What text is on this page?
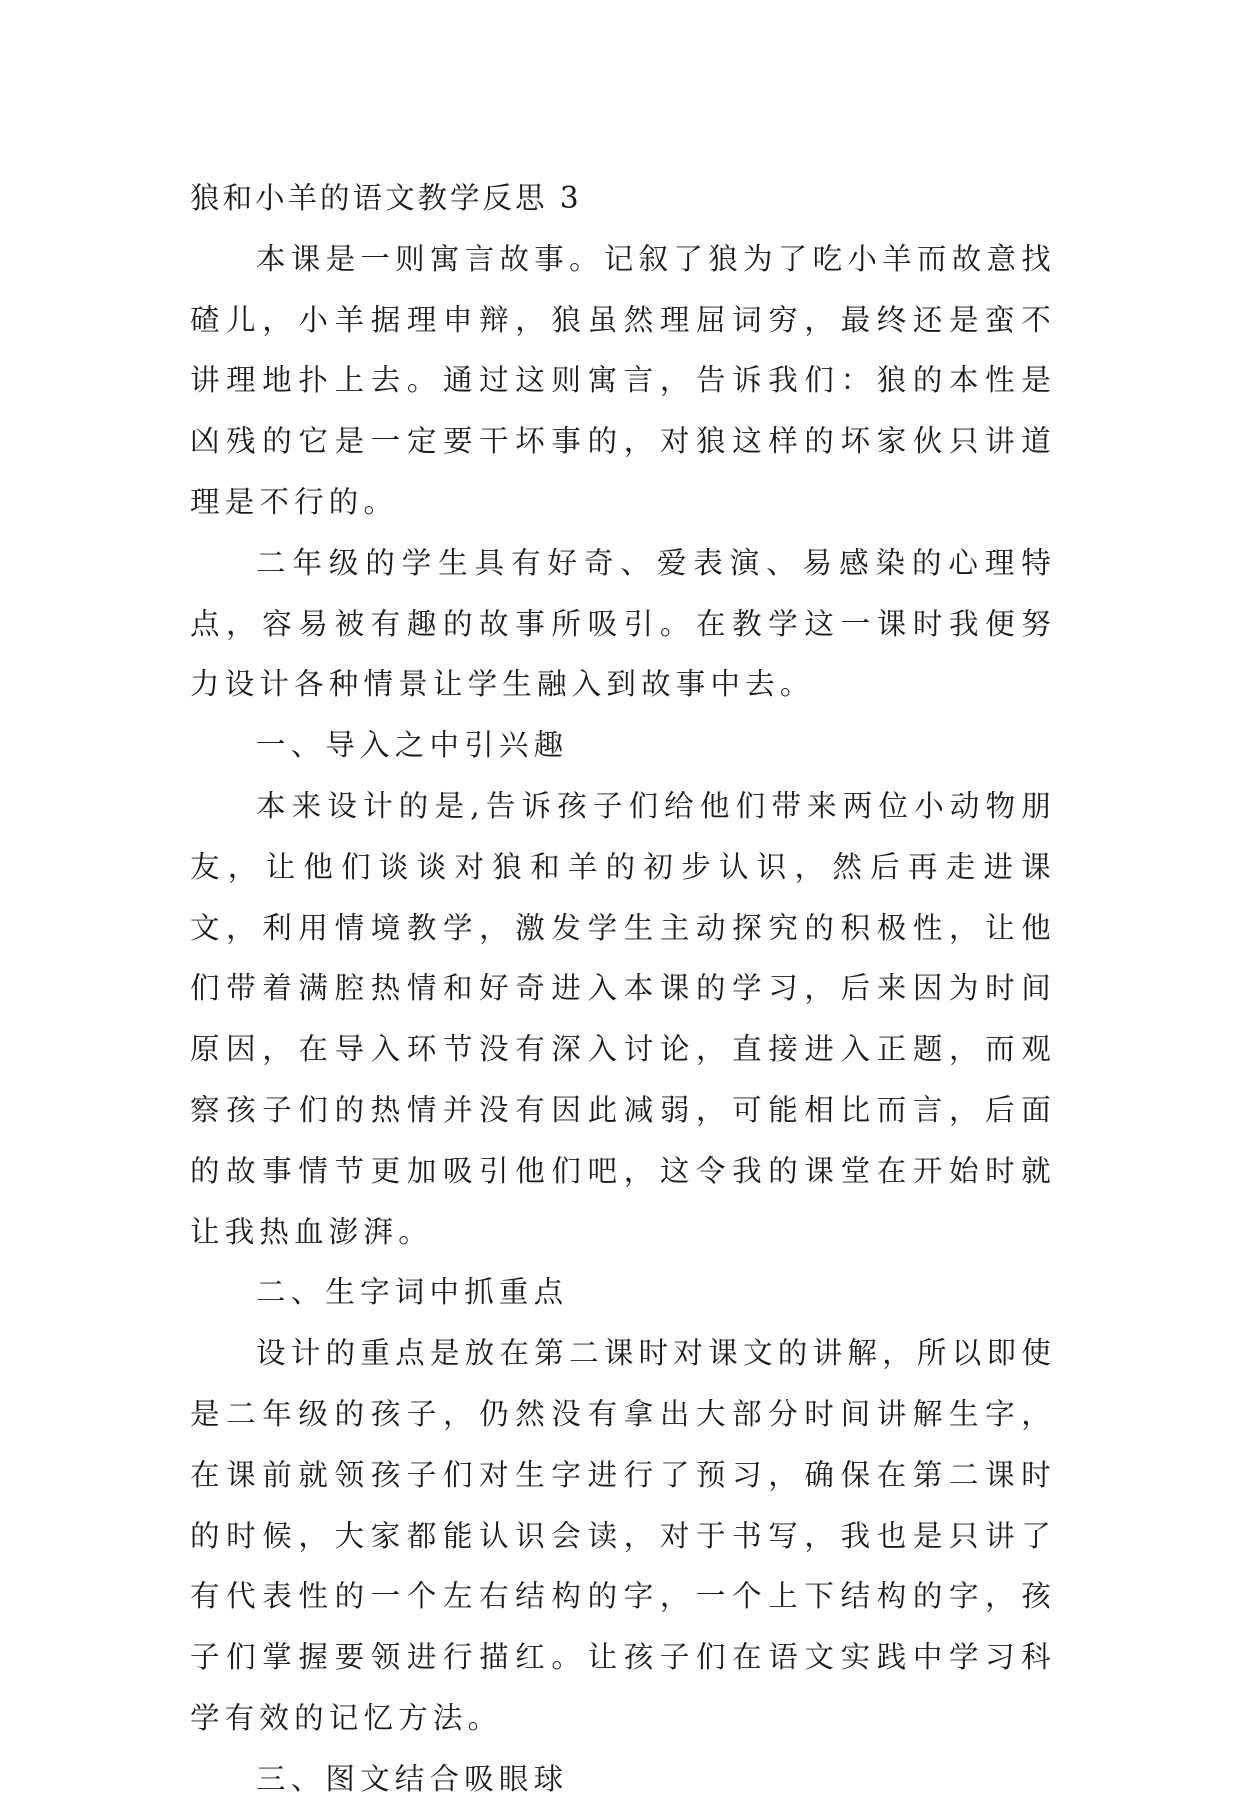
狼和小羊的语文教学反思 3

本课是一则寓言故事。记叙了狼为了吃小羊而故意找碴儿，小羊据理申辩，狼虽然理屈词穷，最终还是蛮不讲理地扑上去。通过这则寓言，告诉我们：狼的本性是凶残的它是一定要干坏事的，对狼这样的坏家伙只讲道理是不行的。

二年级的学生具有好奇、爱表演、易感染的心理特点，容易被有趣的故事所吸引。在教学这一课时我便努力设计各种情景让学生融入到故事中去。

一、导入之中引兴趣

本来设计的是,告诉孩子们给他们带来两位小动物朋友，让他们谈谈对狼和羊的初步认识，然后再走进课文，利用情境教学，激发学生主动探究的积极性，让他们带着满腔热情和好奇进入本课的学习，后来因为时间原因，在导入环节没有深入讨论，直接进入正题，而观察孩子们的热情并没有因此减弱，可能相比而言，后面的故事情节更加吸引他们吧，这令我的课堂在开始时就让我热血澎湃。

二、生字词中抓重点

设计的重点是放在第二课时对课文的讲解，所以即使是二年级的孩子，仍然没有拿出大部分时间讲解生字，在课前就领孩子们对生字进行了预习，确保在第二课时的时候，大家都能认识会读，对于书写，我也是只讲了有代表性的一个左右结构的字，一个上下结构的字，孩子们掌握要领进行描红。让孩子们在语文实践中学习科学有效的记忆方法。

三、图文结合吸眼球
